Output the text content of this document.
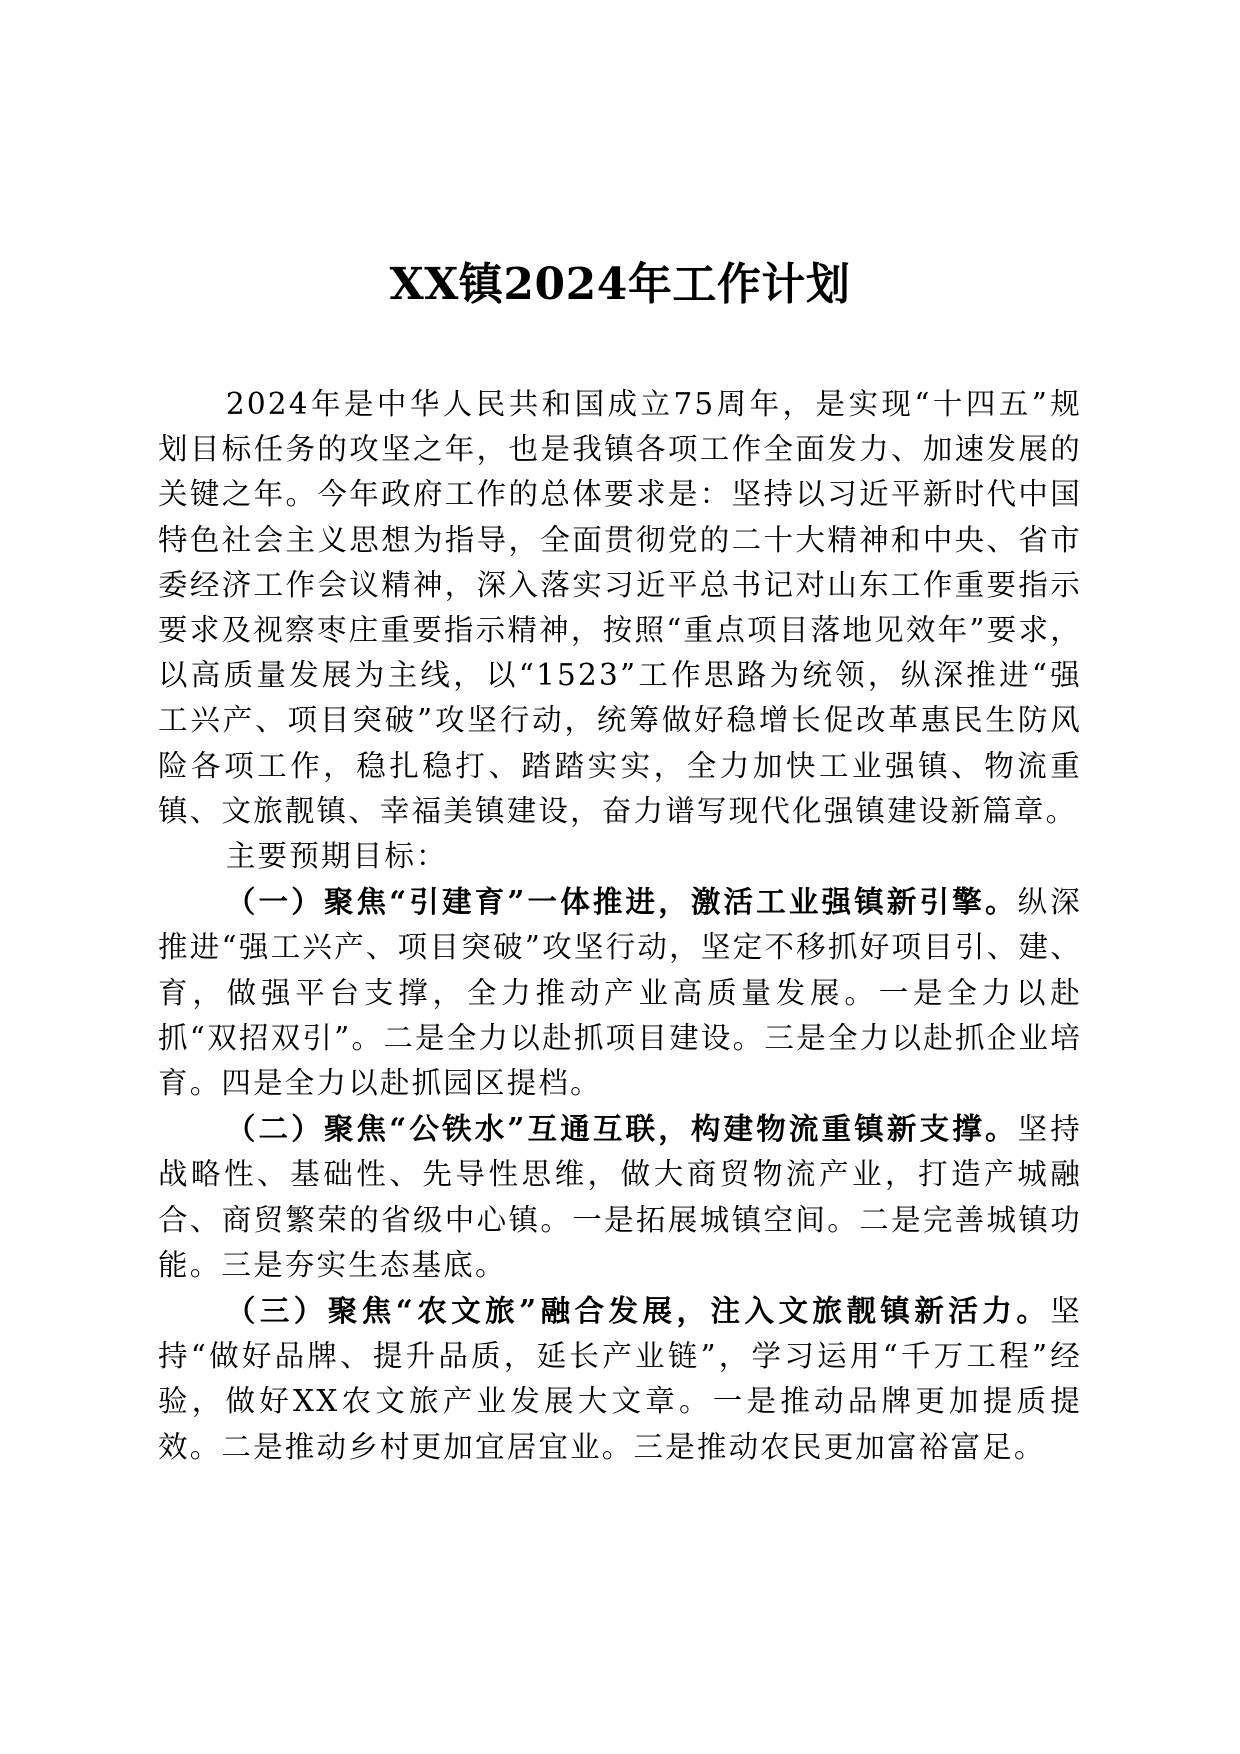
XX镇2024年工作计划

2024年是中华人民共和国成立75周年，是实现“十四五”规划目标任务的攻坚之年，也是我镇各项工作全面发力、加速发展的关键之年。今年政府工作的总体要求是：坚持以习近平新时代中国特色社会主义思想为指导，全面贯彻党的二十大精神和中央、省市委经济工作会议精神，深入落实习近平总书记对山东工作重要指示要求及视察枣庄重要指示精神，按照“重点项目落地见效年”要求，以高质量发展为主线，以“1523”工作思路为统领，纵深推进“强工兴产、项目突破”攻坚行动，统筹做好稳增长促改革惠民生防风险各项工作，稳扎稳打、踏踏实实，全力加快工业强镇、物流重镇、文旅靓镇、幸福美镇建设，奋力谱写现代化强镇建设新篇章。

主要预期目标：

（一）聚焦“引建育”一体推进，激活工业强镇新引擎。纵深推进“强工兴产、项目突破”攻坚行动，坚定不移抓好项目引、建、育，做强平台支撑，全力推动产业高质量发展。一是全力以赴抓“双招双引”。二是全力以赴抓项目建设。三是全力以赴抓企业培育。四是全力以赴抓园区提档。

（二）聚焦“公铁水”互通互联，构建物流重镇新支撑。坚持战略性、基础性、先导性思维，做大商贸物流产业，打造产城融合、商贸繁荣的省级中心镇。一是拓展城镇空间。二是完善城镇功能。三是夯实生态基底。

（三）聚焦“农文旅”融合发展，注入文旅靓镇新活力。坚持“做好品牌、提升品质，延长产业链”，学习运用“千万工程”经验，做好XX农文旅产业发展大文章。一是推动品牌更加提质提效。二是推动乡村更加宜居宜业。三是推动农民更加富裕富足。
